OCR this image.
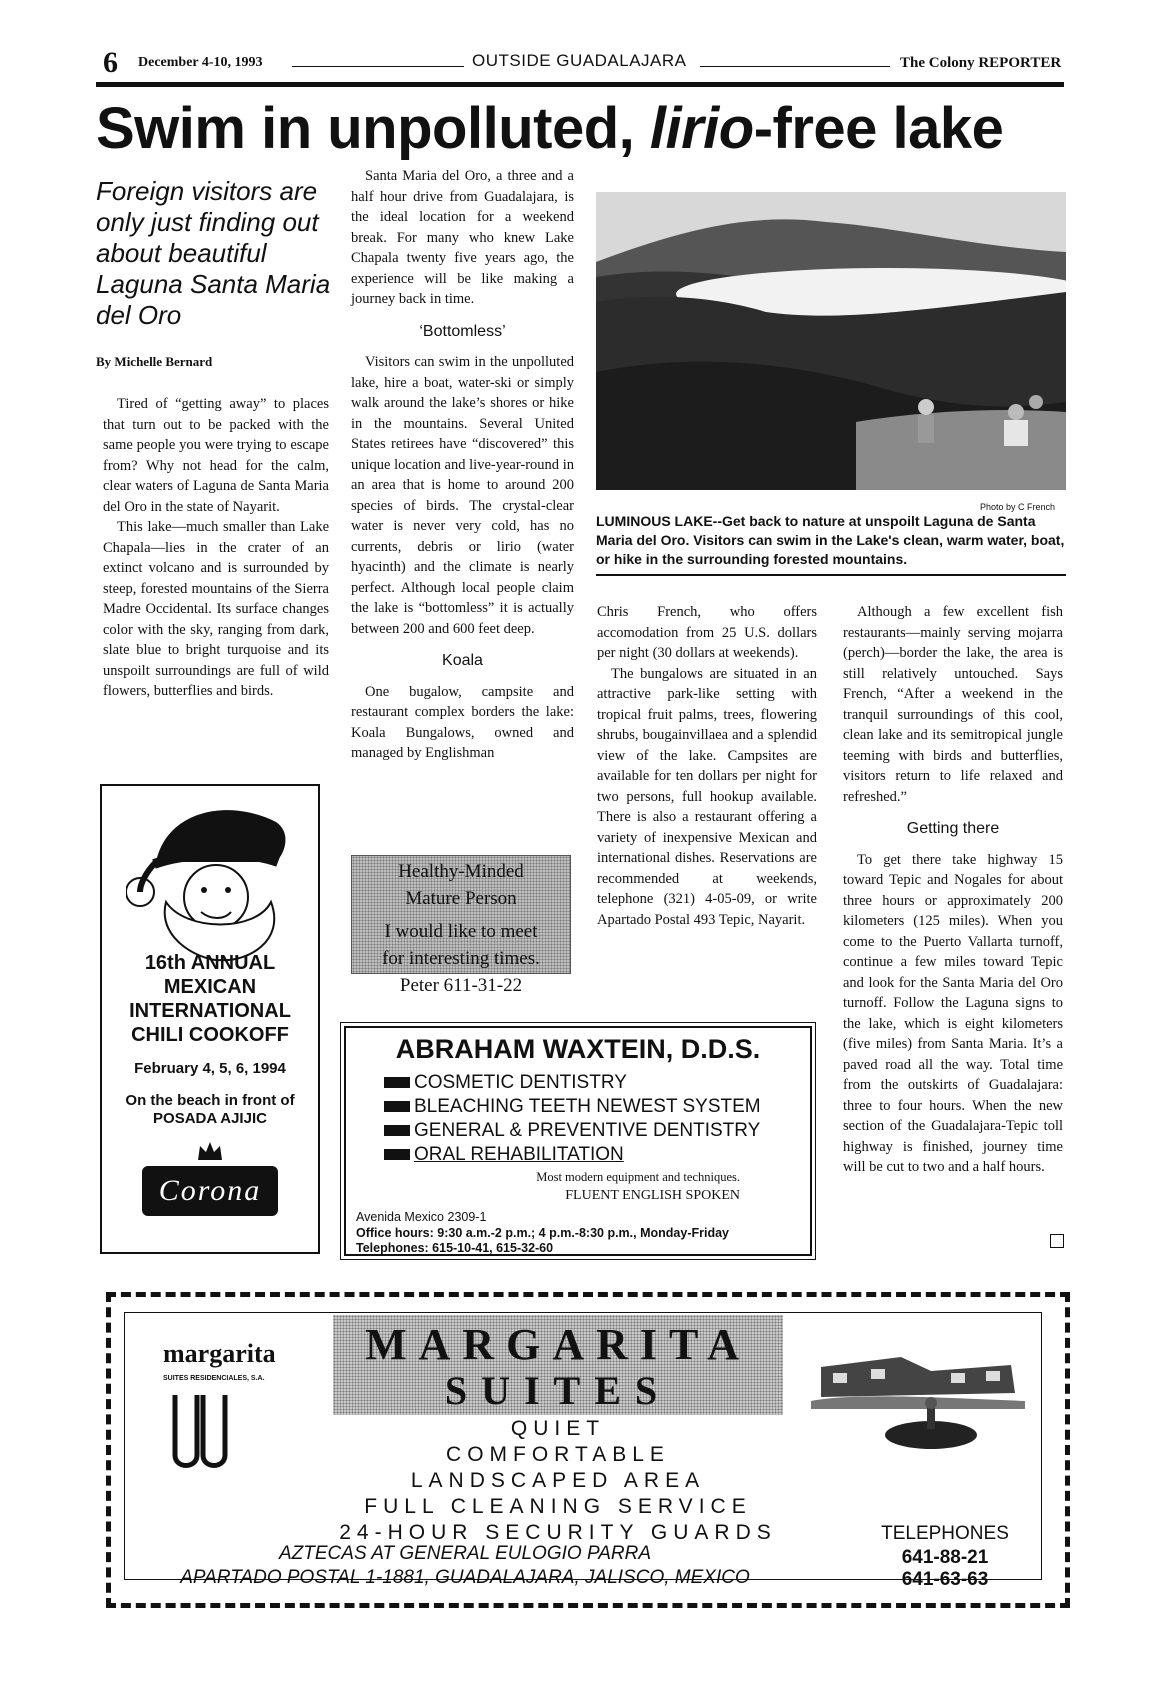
6 December 4-10, 1993	OUTSIDE GUADALAJARA	The Colony REPORTER
Swim in unpolluted, lirio-free lake
Foreign visitors are only just finding out about beautiful Laguna Santa Maria del Oro
By Michelle Bernard

Tired of “getting away” to places that turn out to be packed with the same people you were trying to escape from? Why not head for the calm, clear waters of Laguna de Santa Maria del Oro in the state of Nayarit.

This lake—much smaller than Lake Chapala—lies in the crater of an extinct volcano and is surrounded by steep, forested mountains of the Sierra Madre Occidental. Its surface changes color with the sky, ranging from dark, slate blue to bright turquoise and its unspoilt surroundings are full of wild flowers, butterflies and birds.

Santa Maria del Oro, a three and a half hour drive from Guadalajara, is the ideal location for a weekend break. For many who knew Lake Chapala twenty five years ago, the experience will be like making a journey back in time.

‘Bottomless’

Visitors can swim in the unpolluted lake, hire a boat, water-ski or simply walk around the lake’s shores or hike in the mountains. Several United States retirees have “discovered” this unique location and live-year-round in an area that is home to around 200 species of birds. The crystal-clear water is never very cold, has no currents, debris or lirio (water hyacinth) and the climate is nearly perfect. Although local people claim the lake is “bottomless” it is actually between 200 and 600 feet deep.

Koala

One bugalow, campsite and restaurant complex borders the lake: Koala Bungalows, owned and managed by Englishman

Photo by C French
LUMINOUS LAKE--Get back to nature at unspoilt Laguna de Santa Maria del Oro. Visitors can swim in the Lake's clean, warm water, boat, or hike in the surrounding forested mountains.

Chris French, who offers accomodation from 25 U.S. dollars per night (30 dollars at weekends).

The bungalows are situated in an attractive park-like setting with tropical fruit palms, trees, flowering shrubs, bougainvillaea and a splendid view of the lake. Campsites are available for ten dollars per night for two persons, full hookup available. There is also a restaurant offering a variety of inexpensive Mexican and international dishes. Reservations are recommended at weekends, telephone (321) 4-05-09, or write Apartado Postal 493 Tepic, Nayarit.

Although a few excellent fish restaurants—mainly serving mojarra (perch)—border the lake, the area is still relatively untouched. Says French, “After a weekend in the tranquil surroundings of this cool, clean lake and its semitropical jungle teeming with birds and butterflies, visitors return to life relaxed and refreshed.”

Getting there

To get there take highway 15 toward Tepic and Nogales for about three hours or approximately 200 kilometers (125 miles). When you come to the Puerto Vallarta turnoff, continue a few miles toward Tepic and look for the Santa Maria del Oro turnoff. Follow the Laguna signs to the lake, which is eight kilometers (five miles) from Santa Maria. It’s a paved road all the way. Total time from the outskirts of Guadalajara: three to four hours. When the new section of the Guadalajara-Tepic toll highway is finished, journey time will be cut to two and a half hours.

16th ANNUAL
MEXICAN
INTERNATIONAL
CHILI COOKOFF
February 4, 5, 6, 1994
On the beach in front of
POSADA AJIJIC
Corona
Healthy-Minded
Mature Person
I would like to meet
for interesting times.
Peter 611-31-22
ABRAHAM WAXTEIN, D.D.S.
COSMETIC DENTISTRY
BLEACHING TEETH NEWEST SYSTEM
GENERAL & PREVENTIVE DENTISTRY
ORAL REHABILITATION
Most modern equipment and techniques.
FLUENT ENGLISH SPOKEN
Avenida Mexico 2309-1
Office hours: 9:30 a.m.-2 p.m.; 4 p.m.-8:30 p.m., Monday-Friday
Telephones: 615-10-41, 615-32-60
margarita
SUITES RESIDENCIALES, S.A.
MARGARITA
SUITES
QUIET
COMFORTABLE
LANDSCAPED AREA
FULL CLEANING SERVICE
24-HOUR SECURITY GUARDS
AZTECAS AT GENERAL EULOGIO PARRA
APARTADO POSTAL 1-1881, GUADALAJARA, JALISCO, MEXICO
TELEPHONES
641-88-21
641-63-63
